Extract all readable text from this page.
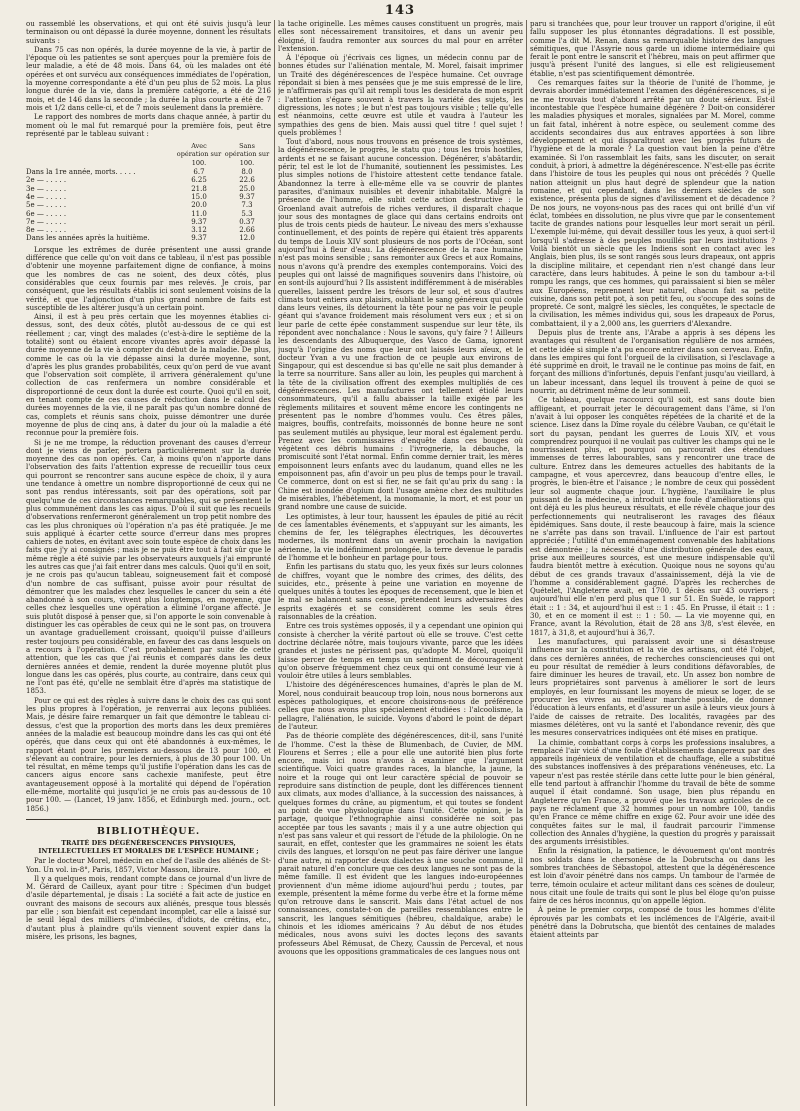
143

ou rassemblé les observations, et qui ont été suivis jusqu'à leur terminaison ou ont dépassé la durée moyenne, donnent les résultats suivants :

Dans 75 cas non opérés, la durée moyenne de la vie, à partir de l'époque où les patientes se sont aperçues pour la première fois de leur maladie, a été de 48 mois. Dans 64, où les malades ont été opérées et ont survécu aux conséquences immédiates de l'opération, la moyenne correspondante a été d'un peu plus de 52 mois. La plus longue durée de la vie, dans la première catégorie, a été de 216 mois, et de 146 dans la seconde ; la durée la plus courte a été de 7 mois et 1/2 dans celle-ci, et de 7 mois seulement dans la première.

Le rapport des nombres de morts dans chaque année, à partir du moment où le mal fut remarqué pour la première fois, peut être représenté par le tableau suivant :

	Avec opération sur 100.	Sans opération sur 100.
Dans la 1re année, morts. . . . .	6.7	8.0
2e — . . . . .	6.25	22.6
3e — . . . . .	21.8	25.0
4e — . . . . .	15.0	9.37
5e — . . . . .	20.0	7.3
6e — . . . . .	11.0	5.3
7e — . . . . .	9.37	0.37
8e — . . . . .	3.12	2.66
Dans les années après la huitième.	9.37	12.0

Lorsque les extrêmes de durée présentent une aussi grande différence que celle qu'on voit dans ce tableau, il n'est pas possible d'obtenir une moyenne parfaitement digne de confiance, à moins que les nombres de cas ne soient, des deux côtés, plus considérables que ceux fournis par mes relevés. Je crois, par conséquent, que les résultats établis ici sont seulement voisins de la vérité, et que l'adjonction d'un plus grand nombre de faits est susceptible de les altérer jusqu'à un certain point.

Ainsi, il est à peu près certain que les moyennes établies ci-dessus, sont, des deux côtés, plutôt au-dessous de ce qui est réellement ; car, vingt des malades (c'est-à-dire le septième de la totalité) sont ou étaient encore vivantes après avoir dépassé la durée moyenne de la vie à compter du début de la maladie. De plus, comme le cas où la vie dépasse ainsi la durée moyenne, sont, d'après les plus grandes probabilités, ceux qu'on perd de vue avant que l'observation soit complète, il arrivera généralement qu'une collection de cas renfermera un nombre considérable et disproportionné de ceux dont la durée est courte. Quoi qu'il en soit, en tenant compte de ces causes de réduction dans le calcul des durées moyennes de la vie, il ne paraît pas qu'un nombre donné de cas, complets et réunis sans choix, puisse démontrer une durée moyenne de plus de cinq ans, à dater du jour où la maladie a été reconnue pour la première fois.

Si je ne me trompe, la réduction provenant des causes d'erreur dont je viens de parler, portera particulièrement sur la durée moyenne des cas non opérés. Car, à moins qu'on n'apporte dans l'observation des faits l'attention expresse de recueillir tous ceux qui pourront se rencontrer sans aucune espèce de choix, il y aura une tendance à omettre un nombre disproportionné de ceux qui ne sont pas rendus intéressants, soit par des opérations, soit par quelqu'une de ces circonstances remarquables, qui se présentent le plus communément dans les cas aigus. D'où il suit que les recueils d'observations renfermeront généralement un trop petit nombre des cas les plus chroniques où l'opération n'a pas été pratiquée. Je me suis appliqué à écarter cette source d'erreur dans mes propres cahiers de notes, en évitant avec soin toute espèce de choix dans les faits que j'y ai consignés ; mais je ne puis être tout à fait sûr que le même règle a été suivie par les observateurs auxquels j'ai emprunté les autres cas que j'ai fait entrer dans mes calculs. Quoi qu'il en soit, je ne crois pas qu'aucun tableau, soigneusement fait et composé d'un nombre de cas suffisant, puisse avoir pour résultat de démontrer que les malades chez lesquelles le cancer du sein a été abandonné à son cours, vivent plus longtemps, en moyenne, que celles chez lesquelles une opération a éliminé l'organe affecté. Je suis plutôt disposé à penser que, si l'on apporte le soin convenable à distinguer les cas opérables de ceux qui ne le sont pas, on trouvera un avantage graduellement croissant, quoiqu'il puisse d'ailleurs rester toujours peu considérable, en faveur des cas dans lesquels on a recours à l'opération. C'est probablement par suite de cette attention, que les cas que j'ai réunis et comparés dans les deux dernières années et demie, rendent la durée moyenne plutôt plus longue dans les cas opérés, plus courte, au contraire, dans ceux qui ne l'ont pas été, qu'elle ne semblait être d'après ma statistique de 1853.

Pour ce qui est des règles à suivre dans le choix des cas qui sont les plus propres à l'opération, je renverrai aux leçons publiées. Mais, je désire faire remarquer un fait que démontre le tableau ci-dessus, c'est que la proportion des morts dans les deux premières années de la maladie est beaucoup moindre dans les cas qui ont été opérés, que dans ceux qui ont été abandonnés à eux-mêmes, le rapport étant pour les premiers au-dessous de 13 pour 100, et s'élevant au contraire, pour les derniers, à plus de 30 pour 100. Un tel résultat, en même temps qu'il justifie l'opération dans les cas de cancers aigus encore sans cachexie manifeste, peut être avantageusement opposé à la mortalité qui dépend de l'opération elle-même, mortalité qui jusqu'ici je ne crois pas au-dessous de 10 pour 100. — (Lancet, 19 janv. 1856, et Edinburgh med. journ., oct. 1856.)

BIBLIOTHÈQUE.
TRAITÉ DES DÉGÉNÉRESCENCES PHYSIQUES, INTELLECTUELLES ET MORALES DE L'ESPÈCE HUMAINE ;

Par le docteur Morel, médecin en chef de l'asile des aliénés de St-Yon. Un vol. in-8°, Paris, 1857, Victor Masson, libraire.

Il y a quelques mois, rendant compte dans ce journal d'un livre de M. Gérard de Cailleux, ayant pour titre : Spécimen d'un budget d'asile départemental, je disais : La société a fait acte de justice en ouvrant des maisons de secours aux aliénés, presque tous blessés par elle ; son bienfait est cependant incomplet, car elle a laissé sur le seuil légal des milliers d'imbéciles, d'idiots, de crétins, etc., d'autant plus à plaindre qu'ils viennent souvent expier dans la misère, les prisons, les bagnes,

la tache originelle. Les mêmes causes constituent un progrès, mais elles sont nécessairement transitoires, et dans un avenir peu éloigné, il faudra remonter aux sources du mal pour en arrêter l'extension.

À l'époque où j'écrivais ces lignes, un médecin connu par de bonnes études sur l'aliénation mentale, M. Morel, faisait imprimer un Traité des dégénérescences de l'espèce humaine. Cet ouvrage répondait si bien à mes pensées que je me suis empressé de le lire, je n'affirmerais pas qu'il ait rempli tous les desiderata de mon esprit : l'attention s'égare souvent à travers la variété des sujets, les digressions, les notes ; le but n'est pas toujours visible ; telle qu'elle est néanmoins, cette œuvre est utile et vaudra à l'auteur les sympathies des gens de bien. Mais aussi quel titre ! quel sujet ! quels problèmes !

Tout d'abord, nous nous trouvons en présence de trois systèmes, la dégénérescence, le progrès, le statu quo ; tous les trois hostiles, ardents et ne se faisant aucune concession. Dégénérer, s'abâtardir, périr, tel est le lot de l'humanité, soutiennent les pessimistes. Les plus simples notions de l'histoire attestent cette tendance fatale. Abandonnez la terre à elle-même elle va se couvrir de plantes parasites, d'animaux nuisibles et devenir inhabitable. Malgré la présence de l'homme, elle subit cette action destructive : le Groenland avait autrefois de riches verdures, il disparaît chaque jour sous des montagnes de glace qui dans certains endroits ont plus de trois cents pieds de hauteur. Le niveau des mers s'exhausse continuellement, et des points de repère qui étaient très apparents du temps de Louis XIV sont plusieurs de nos ports de l'Océan, sont aujourd'hui à fleur d'eau. La dégénérescence de la race humaine n'est pas moins sensible ; sans remonter aux Grecs et aux Romains, nous n'avons qu'à prendre des exemples contemporains. Voici des peuples qui ont laissé de magnifiques souvenirs dans l'histoire, où en sont-ils aujourd'hui ? Ils assistent indifféremment à de misérables querelles, laissent perdre les trésors de leur sol, et sous d'autres climats tout entiers aux plaisirs, oubliant le sang généreux qui coule dans leurs veines, ils détournent la tête pour ne pas voir le peuple géant qui s'avance froidement mais résolument vers eux ; et si on leur parle de cette épée constamment suspendue sur leur tête, ils répondent avec nonchalance : Nous le savons, qu'y faire ? ! Ailleurs les descendants des Albuquerque, des Vasco de Gama, ignorent jusqu'à l'origine des noms que leur ont laissés leurs aïeux, et le docteur Yvan a vu une fraction de ce peuple aux environs de Singapour, qui est descendue si bas qu'elle ne sait plus demander à la terre sa nourriture. Sans aller au loin, les peuples qui marchent à la tête de la civilisation offrent des exemples multipliés de ces dégénérescences. Les manufactures ont tellement étiolé leurs consommateurs, qu'il a fallu abaisser la taille exigée par les règlements militaires et souvent même encore les contingents ne présentent pas le nombre d'hommes voulu. Ces êtres pâles, maigres, bouffis, contrefaits, moissonnés de bonne heure ne sont pas seulement mutilés au physique, leur moral est également perdu. Prenez avec les commissaires d'enquête dans ces bouges où végètent ces débris humains : l'ivrognerie, la débauche, la promiscuité sont l'état normal. Enfin comme dernier trait, les mères empoisonnent leurs enfants avec du laudanum, quand elles ne les empoisonnent pas, afin d'avoir un peu plus de temps pour le travail. Ce commerce, dont on est si fier, ne se fait qu'au prix du sang : la Chine est inondée d'opium dont l'usage amène chez des multitudes de misérables, l'hébétement, la monomanie, la mort, et est pour un grand nombre une cause de suicide.

Les optimistes, à leur tour, haussent les épaules de pitié au récit de ces lamentables événements, et s'appuyant sur les aimants, les chemins de fer, les télégraphes électriques, les découvertes modernes, ils montrent dans un avenir prochain la navigation aérienne, la vie indéfiniment prolongée, la terre devenue le paradis de l'homme et le bonheur en partage pour tous.

Enfin les partisans du statu quo, les yeux fixés sur leurs colonnes de chiffres, voyant que le nombre des crimes, des délits, des suicides, etc., présente à peine une variation en moyenne de quelques unités à toutes les époques de recensement, que le bien et le mal se balancent sans cesse, prétendent leurs adversaires des esprits exagérés et se considèrent comme les seuls êtres raisonnables de la création.

Entre ces trois systèmes opposés, il y a cependant une opinion qui consiste à chercher la vérité partout où elle se trouve. C'est cette doctrine déclarée nôtre, mais toujours vivante, parce que les idées grandes et justes ne périssent pas, qu'adopte M. Morel, quoiqu'il laisse percer de temps en temps un sentiment de découragement qu'on observe fréquemment chez ceux qui ont consumé leur vie à vouloir être utiles à leurs semblables.

L'histoire des dégénérescences humaines, d'après le plan de M. Morel, nous conduirait beaucoup trop loin, nous nous bornerons aux espèces pathologiques, et encore choisirons-nous de préférence celles que nous avons plus spécialement étudiées : l'alcoolisme, la pellagre, l'aliénation, le suicide. Voyons d'abord le point de départ de l'auteur.

Pas de théorie complète des dégénérescences, dit-il, sans l'unité de l'homme. C'est la thèse de Blumenbach, de Cuvier, de MM. Flourens et Serres ; elle a pour elle une autorité bien plus forte encore, mais ici nous n'avons à examiner que l'argument scientifique. Voici quatre grandes races, la blanche, la jaune, la noire et la rouge qui ont leur caractère spécial de pouvoir se reproduire sans distinction de peuple, dont les différences tiennent aux climats, aux modes d'alliance, à la succession des naissances, à quelques formes du crâne, au pigmentum, et qui toutes se fondent au point de vue physiologique dans l'unité. Cette opinion, je la partage, quoique l'ethnographie ainsi considérée ne soit pas acceptée par tous les savants ; mais il y a une autre objection qui n'est pas sans valeur et qui ressort de l'étude de la philologie. On ne saurait, en effet, contester que les grammaires ne soient les états civils des langues, et lorsqu'on ne peut pas faire dériver une langue d'une autre, ni rapporter deux dialectes à une souche commune, il parait naturel d'en conclure que ces deux langues ne sont pas de la même famille. Il est évident que les langues indo-européennes proviennent d'un même idiome aujourd'hui perdu ; toutes, par exemple, présentent la même forme du verbe être et la forme même qu'on retrouve dans le sanscrit. Mais dans l'état actuel de nos connaissances, constate-t-on de pareilles ressemblances entre le sanscrit, les langues sémitiques (hébreu, chaldaïque, arabe) le chinois et les idiomes américains ? Au début de nos études médicales, nous avons suivi les doctes leçons des savants professeurs Abel Rémusat, de Chezy, Caussin de Perceval, et nous avouons que les oppositions grammaticales de ces langues nous ont

paru si tranchées que, pour leur trouver un rapport d'origine, il eût fallu supposer les plus étonnantes dégradations. Il est possible, comme l'a dit M. Renan, dans sa remarquable histoire des langues sémitiques, que l'Assyrie nous garde un idiome intermédiaire qui ferait le pont entre le sanscrit et l'hébreu, mais on peut affirmer que jusqu'à présent l'unité des langues, si elle est religieusement établie, n'est pas scientifiquement démontrée.

Ces remarques faites sur la théorie de l'unité de l'homme, je devrais aborder immédiatement l'examen des dégénérescences, si je ne me trouvais tout d'abord arrêté par un doute sérieux. Est-il incontestable que l'espèce humaine dégénère ? Doit-on considérer les maladies physiques et morales, signalées par M. Morel, comme un fait fatal, inhérent à notre espèce, ou seulement comme des accidents secondaires dus aux entraves apportées à son libre développement et qui disparaîtront avec les progrès futurs de l'hygiène et de la morale ? La question vaut bien la peine d'être examinée. Si l'on rassemblait les faits, sans les discuter, on serait conduit, à priori, à admettre la dégénérescence. N'est-elle pas écrite dans l'histoire de tous les peuples qui nous ont précédés ? Quelle nation atteignit un plus haut degré de splendeur que la nation romaine, et qui cependant, dans les derniers siècles de son existence, présenta plus de signes d'avilissement et de décadence ? De nos jours, ne voyons-nous pas des races qui ont brillé d'un vif éclat, tombées en dissolution, ne plus vivre que par le consentement tacite de grandes nations pour lesquelles leur mort serait un péril. L'exemple lui-même, qui devait dessiller tous les yeux, à quoi sert-il lorsqu'il s'adresse à des peuples mouillés par leurs institutions ? Voilà bientôt un siècle que les Indiens sont en contact avec les Anglais, bien plus, ils se sont rangés sous leurs drapeaux, ont appris la discipline militaire, et cependant rien n'est changé dans leur caractère, dans leurs habitudes. À peine le son du tambour a-t-il rompu les rangs, que ces hommes, qui paraissaient si bien se mêler aux Européens, reprennent leur naturel, chacun fait sa petite cuisine, dans son petit pot, à son petit feu, ou s'occupe des soins de propreté. Ce sont, malgré les siècles, les conquêtes, le spectacle de la civilisation, les mêmes individus qui, sous les drapeaux de Porus, combattaient, il y a 2,000 ans, les guerriers d'Alexandre.

Depuis plus de trente ans, l'Arabe a appris à ses dépens les avantages qui résultent de l'organisation régulière de nos armées, et cette idée si simple n'a pu encore entrer dans son cerveau. Enfin, dans les empires qui font l'orgueil de la civilisation, si l'esclavage a été supprimé en droit, le travail ne le continue pas moins de fait, en forçant des millions d'infortunés, depuis l'enfant jusqu'au vieillard, à un labeur incessant, dans lequel ils trouvent à peine de quoi se nourrir, au détriment même de leur sommeil.

Ce tableau, quelque raccourci qu'il soit, est sans doute bien affligeant, et pourrait jeter le découragement dans l'âme, si l'on n'avait à lui opposer les conquêtes répétées de la charité et de la science. Lisez dans la Dîme royale du célèbre Vauban, ce qu'était le sort du paysan, pendant les guerres de Louis XIV, et vous comprendrez pourquoi il ne voulait pas cultiver les champs qui ne le nourrissaient plus, et pourquoi on parcourait des étendues immenses de terres labourables, sans y rencontrer une trace de culture. Entrez dans les demeures actuelles des habitants de la campagne, et vous apercevrez, dans beaucoup d'entre elles, le progrès, le bien-être et l'aisance ; le nombre de ceux qui possèdent leur sol augmente chaque jour. L'hygiène, l'auxiliaire le plus puissant de la médecine, a introduit une foule d'améliorations qui ont déjà eu les plus heureux résultats, et elle révèle chaque jour des perfectionnements qui neutraliseront les ravages des fléaux épidémiques. Sans doute, il reste beaucoup à faire, mais la science ne s'arrête pas dans son travail. L'influence de l'air est partout appréciée ; l'utilité d'un emménagement convenable des habitations est démontrée ; la nécessité d'une distribution générale des eaux, prise aux meilleures sources, est une mesure indispensable qu'il faudra bientôt mettre à exécution. Quoique nous ne soyons qu'au début de ces grands travaux d'assainissement, déjà la vie de l'homme a considérablement gagné. D'après les recherches de Quételet, l'Angleterre avait, en 1700, 1 décès sur 43 ouvriers ; aujourd'hui elle n'en perd plus que 1 sur 51. En Suède, le rapport était :: 1 : 34, et aujourd'hui il est :: 1 : 45. En Prusse, il était :: 1 : 30, et en ce moment il est :: 1 : 50. — La vie moyenne qui, en France, avant la Révolution, était de 28 ans 3/8, s'est élevée, en 1817, à 31,8, et aujourd'hui à 36,7.

Les manufactures, qui paraissent avoir une si désastreuse influence sur la constitution et la vie des artisans, ont été l'objet, dans ces dernières années, de recherches consciencieuses qui ont eu pour résultat de remédier à leurs conditions défavorables, de faire diminuer les heures de travail, etc. Un assez bon nombre de leurs propriétaires sont parvenus à améliorer le sort de leurs employés, en leur fournissant les moyens de mieux se loger, de se procurer les vivres au meilleur marché possible, de donner l'éducation à leurs enfants, et d'assurer un asile à leurs vieux jours à l'aide de caisses de retraite. Des localités, ravagées par des miasmes délétères, ont vu la santé et l'abondance revenir, dès que les mesures conservatrices indiquées ont été mises en pratique.

La chimie, combattant corps à corps les professions insalubres, a remplacé l'air vicié d'une foule d'établissements dangereux par des appareils ingénieux de ventilation et de chauffage, elle a substitué des substances inoffensives à des préparations vénéneuses, etc. La vapeur n'est pas restée stérile dans cette lutte pour le bien général, elle tend partout à affranchir l'homme du travail de bête de somme auquel il était condamné. Son usage, bien plus répandu en Angleterre qu'en France, a prouvé que les travaux agricoles de ce pays ne réclament que 32 hommes pour un nombre 100, tandis qu'en France ce même chiffre en exige 62. Pour avoir une idée des conquêtes faites sur le mal, il faudrait parcourir l'immense collection des Annales d'hygiène, la question du progrès y paraissait des arguments irrésistibles.

Enfin la résignation, la patience, le dévouement qu'ont montrés nos soldats dans le chersonèse de la Dobrutscha ou dans les sombres tranchées de Sébastopol, attestent que la dégénérescence est loin d'avoir pénétré dans nos camps. Un tambour de l'armée de terre, témoin oculaire et acteur militant dans ces scènes de douleur, nous citait une foule de traits qui sont le plus bel éloge qu'on puisse faire de ces héros inconnus, qu'on appelle légion.

À peine le premier corps, composé de tous les hommes d'élite éprouvés par les combats et les inclémences de l'Algérie, avait-il pénétré dans la Dobrutscha, que bientôt des centaines de malades étaient atteints par
